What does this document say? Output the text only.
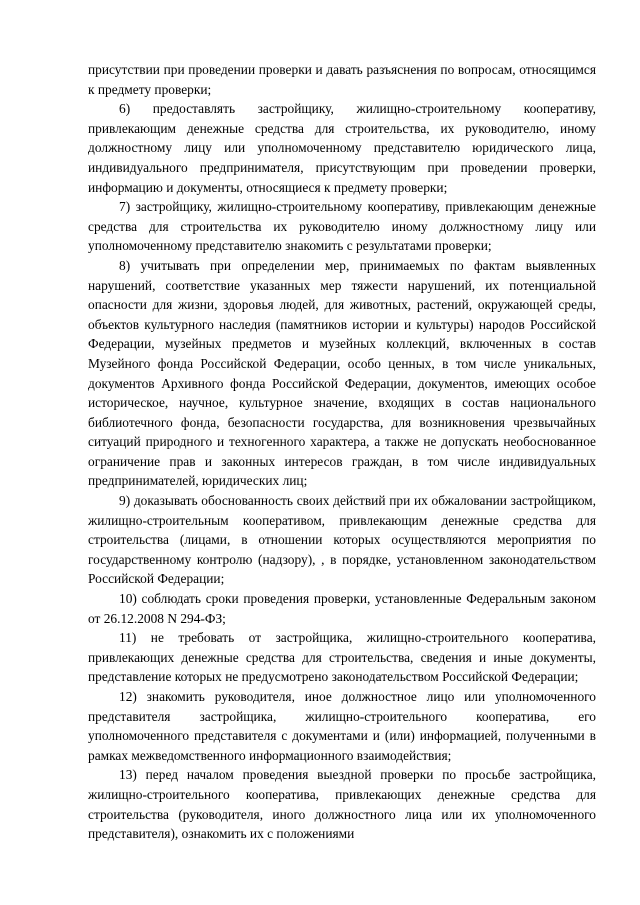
присутствии при проведении проверки и давать разъяснения по вопросам, относящимся к предмету проверки;

6) предоставлять застройщику, жилищно-строительному кооперативу, привлекающим денежные средства для строительства, их руководителю, иному должностному лицу или уполномоченному представителю юридического лица, индивидуального предпринимателя, присутствующим при проведении проверки, информацию и документы, относящиеся к предмету проверки;

7) застройщику, жилищно-строительному кооперативу, привлекающим денежные средства для строительства их руководителю иному должностному лицу или уполномоченному представителю знакомить с результатами проверки;

8) учитывать при определении мер, принимаемых по фактам выявленных нарушений, соответствие указанных мер тяжести нарушений, их потенциальной опасности для жизни, здоровья людей, для животных, растений, окружающей среды, объектов культурного наследия (памятников истории и культуры) народов Российской Федерации, музейных предметов и музейных коллекций, включенных в состав Музейного фонда Российской Федерации, особо ценных, в том числе уникальных, документов Архивного фонда Российской Федерации, документов, имеющих особое историческое, научное, культурное значение, входящих в состав национального библиотечного фонда, безопасности государства, для возникновения чрезвычайных ситуаций природного и техногенного характера, а также не допускать необоснованное ограничение прав и законных интересов граждан, в том числе индивидуальных предпринимателей, юридических лиц;

9) доказывать обоснованность своих действий при их обжаловании застройщиком, жилищно-строительным кооперативом, привлекающим денежные средства для строительства (лицами, в отношении которых осуществляются мероприятия по государственному контролю (надзору), , в порядке, установленном законодательством Российской Федерации;

10) соблюдать сроки проведения проверки, установленные Федеральным законом от 26.12.2008 N 294-ФЗ;

11) не требовать от застройщика, жилищно-строительного кооператива, привлекающих денежные средства для строительства, сведения и иные документы, представление которых не предусмотрено законодательством Российской Федерации;

12) знакомить руководителя, иное должностное лицо или уполномоченного представителя застройщика, жилищно-строительного кооператива, его уполномоченного представителя с документами и (или) информацией, полученными в рамках межведомственного информационного взаимодействия;

13) перед началом проведения выездной проверки по просьбе застройщика, жилищно-строительного кооператива, привлекающих денежные средства для строительства (руководителя, иного должностного лица или их уполномоченного представителя), ознакомить их с положениями
